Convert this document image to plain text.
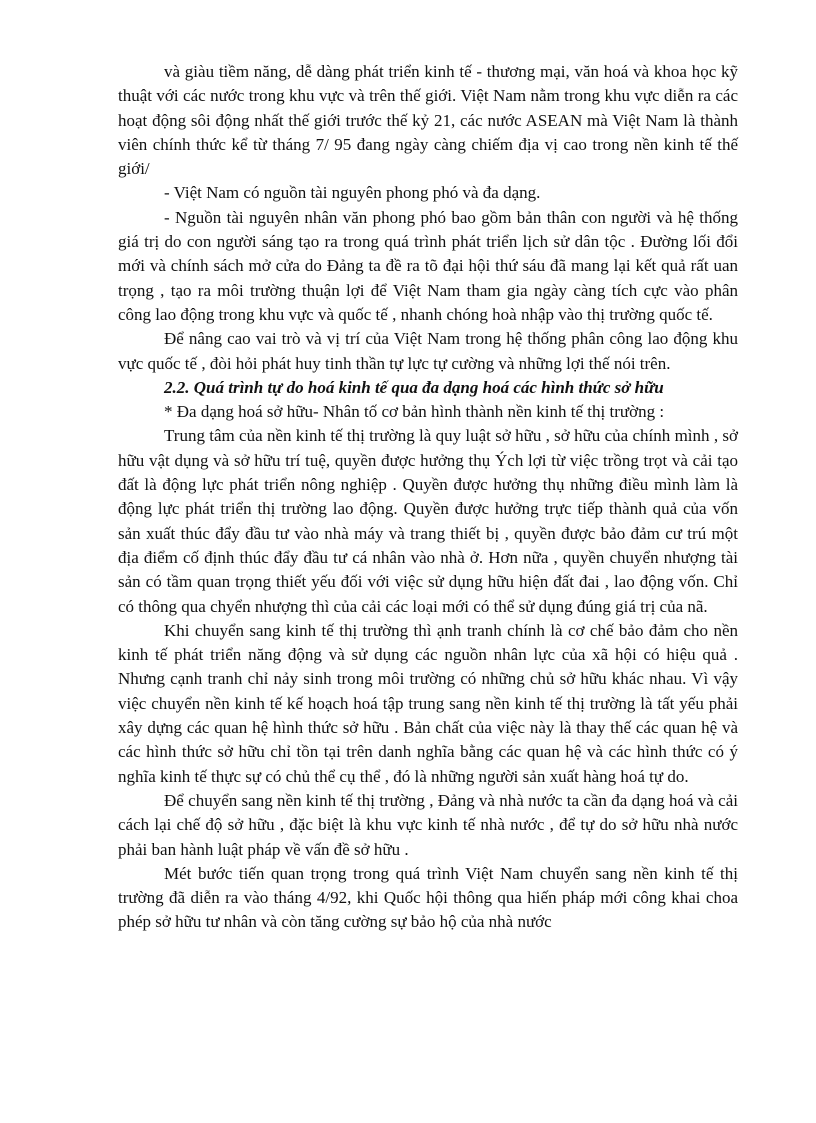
và giàu tiềm năng, dễ dàng phát triển kinh tế - thương mại, văn hoá và khoa học kỹ thuật với các nước trong khu vực và trên thế giới. Việt Nam nằm trong khu vực diễn ra các hoạt động sôi động nhất thế giới trước thế kỷ 21, các nước ASEAN mà Việt Nam là thành viên chính thức kể từ tháng 7/ 95 đang ngày càng chiếm địa vị cao trong nền kinh tế thế giới/

- Việt Nam có nguồn tài nguyên phong phó và đa dạng.

- Nguồn tài nguyên nhân văn phong phó bao gồm bản thân con người và hệ thống giá trị do con người sáng tạo ra trong quá trình phát triển lịch sử dân tộc . Đường lối đổi mới và chính sách mở cửa do Đảng ta đề ra tõ đại hội thứ sáu đã mang lại kết quả rất uan trọng , tạo ra môi trường thuận lợi để Việt Nam tham gia ngày càng tích cực vào phân công lao động trong khu vực và quốc tế , nhanh chóng hoà nhập vào thị trường quốc tế.

Để nâng cao vai trò và vị trí của Việt Nam trong hệ thống phân công lao động khu vực quốc tế , đòi hỏi phát huy tinh thần tự lực tự cường và những lợi thế nói trên.

2.2. Quá trình tự do hoá kinh tế qua đa dạng hoá các hình thức sở hữu

* Đa dạng hoá sở hữu- Nhân tố cơ bản hình thành nền kinh tế thị trường :

Trung tâm của nền kinh tế thị trường là quy luật sở hữu , sở hữu của chính mình , sở hữu vật dụng và sở hữu trí tuệ, quyền được hưởng thụ Ých lợi từ việc trồng trọt và cải tạo đất là động lực phát triển nông nghiệp . Quyền được hưởng thụ những điều mình làm là động lực phát triển thị trường lao động. Quyền được hưởng trực tiếp thành quả của vốn sản xuất thúc đẩy đầu tư vào nhà máy và trang thiết bị , quyền được bảo đảm cư trú một địa điểm cố định thúc đẩy đầu tư cá nhân vào nhà ở. Hơn nữa , quyền chuyển nhượng tài sản có tầm quan trọng thiết yếu đối với việc sử dụng hữu hiện đất đai , lao động vốn. Chỉ có thông qua chyển nhượng thì của cải các loại mới có thể sử dụng đúng giá trị của nã.

Khi chuyển sang kinh tế thị trường thì ạnh tranh chính là cơ chế bảo đảm cho nền kinh tế phát triển năng động và sử dụng các nguồn nhân lực của xã hội có hiệu quả . Nhưng cạnh tranh chỉ nảy sinh trong môi trường có những chủ sở hữu khác nhau. Vì vậy việc chuyển nền kinh tế kế hoạch hoá tập trung sang nền kinh tế thị trường là tất yếu phải xây dựng các quan hệ hình thức sở hữu . Bản chất của việc này là thay thế các quan hệ và các hình thức sở hữu chỉ tồn tại trên danh nghĩa bằng các quan hệ và các hình thức có ý nghĩa kinh tế thực sự có chủ thể cụ thể , đó là những người sản xuất hàng hoá tự do.

Để chuyển sang nền kinh tế thị trường , Đảng và nhà nước ta cần đa dạng hoá và cải cách lại chế độ sở hữu , đặc biệt là khu vực kinh tế nhà nước , để tự do sở hữu nhà nước phải ban hành luật pháp về vấn đề sở hữu .

Mét bước tiến quan trọng trong quá trình Việt Nam chuyển sang nền kinh tế thị trường đã diễn ra vào tháng 4/92, khi Quốc hội thông qua hiến pháp mới công khai choa phép sở hữu tư nhân và còn tăng cường sự bảo hộ của nhà nước
